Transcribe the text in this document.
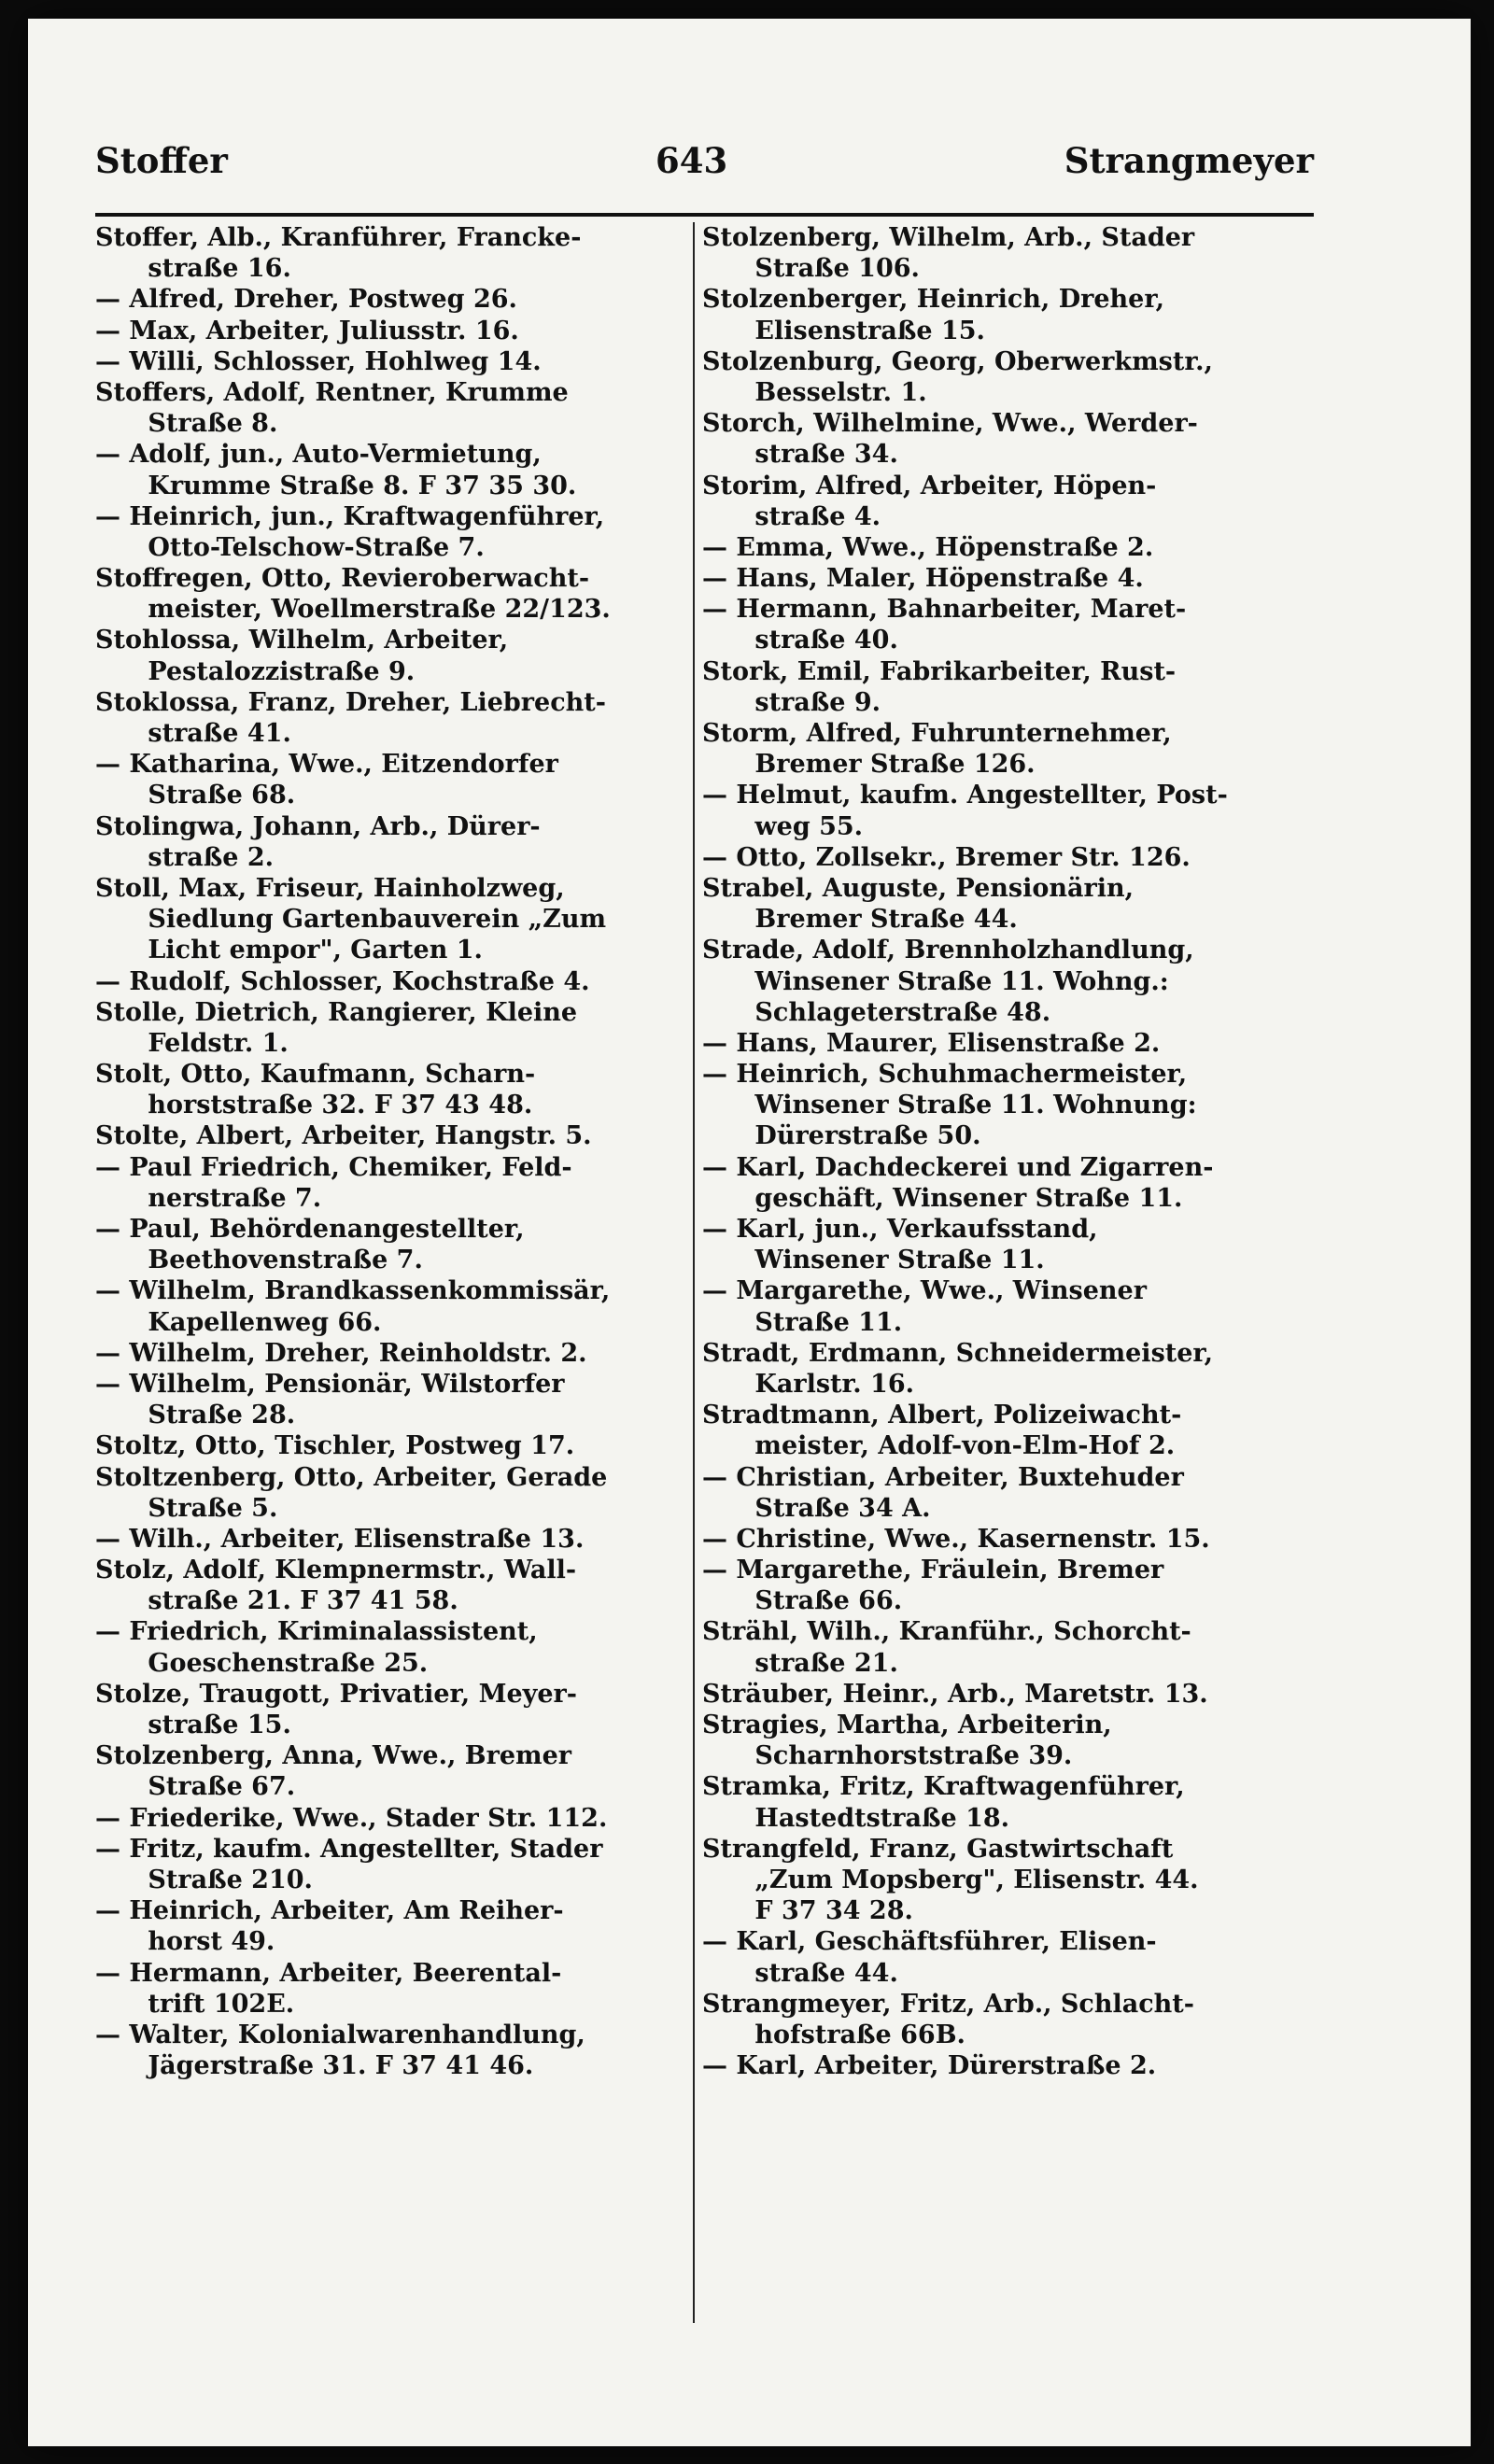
Stoffer	643	Strangmeyer
Stoffer, Alb., Kranführer, Francke-
straße 16.
— Alfred, Dreher, Postweg 26.
— Max, Arbeiter, Juliusstr. 16.
— Willi, Schlosser, Hohlweg 14.
Stoffers, Adolf, Rentner, Krumme
Straße 8.
— Adolf, jun., Auto-Vermietung,
Krumme Straße 8. F 37 35 30.
— Heinrich, jun., Kraftwagenführer,
Otto-Telschow-Straße 7.
Stoffregen, Otto, Revieroberwacht-
meister, Woellmerstraße 22/123.
Stohlossa, Wilhelm, Arbeiter,
Pestalozzistraße 9.
Stoklossa, Franz, Dreher, Liebrecht-
straße 41.
— Katharina, Wwe., Eitzendorfer
Straße 68.
Stolingwa, Johann, Arb., Dürer-
straße 2.
Stoll, Max, Friseur, Hainholzweg,
Siedlung Gartenbauverein „Zum
Licht empor", Garten 1.
— Rudolf, Schlosser, Kochstraße 4.
Stolle, Dietrich, Rangierer, Kleine
Feldstr. 1.
Stolt, Otto, Kaufmann, Scharn-
horststraße 32. F 37 43 48.
Stolte, Albert, Arbeiter, Hangstr. 5.
— Paul Friedrich, Chemiker, Feld-
nerstraße 7.
— Paul, Behördenangestellter,
Beethovenstraße 7.
— Wilhelm, Brandkassenkommissär,
Kapellenweg 66.
— Wilhelm, Dreher, Reinholdstr. 2.
— Wilhelm, Pensionär, Wilstorfer
Straße 28.
Stoltz, Otto, Tischler, Postweg 17.
Stoltzenberg, Otto, Arbeiter, Gerade
Straße 5.
— Wilh., Arbeiter, Elisenstraße 13.
Stolz, Adolf, Klempnermstr., Wall-
straße 21. F 37 41 58.
— Friedrich, Kriminalassistent,
Goeschenstraße 25.
Stolze, Traugott, Privatier, Meyer-
straße 15.
Stolzenberg, Anna, Wwe., Bremer
Straße 67.
— Friederike, Wwe., Stader Str. 112.
— Fritz, kaufm. Angestellter, Stader
Straße 210.
— Heinrich, Arbeiter, Am Reiher-
horst 49.
— Hermann, Arbeiter, Beerental-
trift 102E.
— Walter, Kolonialwarenhandlung,
Jägerstraße 31. F 37 41 46.
Stolzenberg, Wilhelm, Arb., Stader
Straße 106.
Stolzenberger, Heinrich, Dreher,
Elisenstraße 15.
Stolzenburg, Georg, Oberwerkmstr.,
Besselstr. 1.
Storch, Wilhelmine, Wwe., Werder-
straße 34.
Storim, Alfred, Arbeiter, Höpen-
straße 4.
— Emma, Wwe., Höpenstraße 2.
— Hans, Maler, Höpenstraße 4.
— Hermann, Bahnarbeiter, Maret-
straße 40.
Stork, Emil, Fabrikarbeiter, Rust-
straße 9.
Storm, Alfred, Fuhrunternehmer,
Bremer Straße 126.
— Helmut, kaufm. Angestellter, Post-
weg 55.
— Otto, Zollsekr., Bremer Str. 126.
Strabel, Auguste, Pensionärin,
Bremer Straße 44.
Strade, Adolf, Brennholzhandlung,
Winsener Straße 11. Wohng.:
Schlageterstraße 48.
— Hans, Maurer, Elisenstraße 2.
— Heinrich, Schuhmachermeister,
Winsener Straße 11. Wohnung:
Dürerstraße 50.
— Karl, Dachdeckerei und Zigarren-
geschäft, Winsener Straße 11.
— Karl, jun., Verkaufsstand,
Winsener Straße 11.
— Margarethe, Wwe., Winsener
Straße 11.
Stradt, Erdmann, Schneidermeister,
Karlstr. 16.
Stradtmann, Albert, Polizeiwacht-
meister, Adolf-von-Elm-Hof 2.
— Christian, Arbeiter, Buxtehuder
Straße 34 A.
— Christine, Wwe., Kasernenstr. 15.
— Margarethe, Fräulein, Bremer
Straße 66.
Strähl, Wilh., Kranführ., Schorcht-
straße 21.
Sträuber, Heinr., Arb., Maretstr. 13.
Stragies, Martha, Arbeiterin,
Scharnhorststraße 39.
Stramka, Fritz, Kraftwagenführer,
Hastedtstraße 18.
Strangfeld, Franz, Gastwirtschaft
„Zum Mopsberg", Elisenstr. 44.
F 37 34 28.
— Karl, Geschäftsführer, Elisen-
straße 44.
Strangmeyer, Fritz, Arb., Schlacht-
hofstraße 66B.
— Karl, Arbeiter, Dürerstraße 2.
